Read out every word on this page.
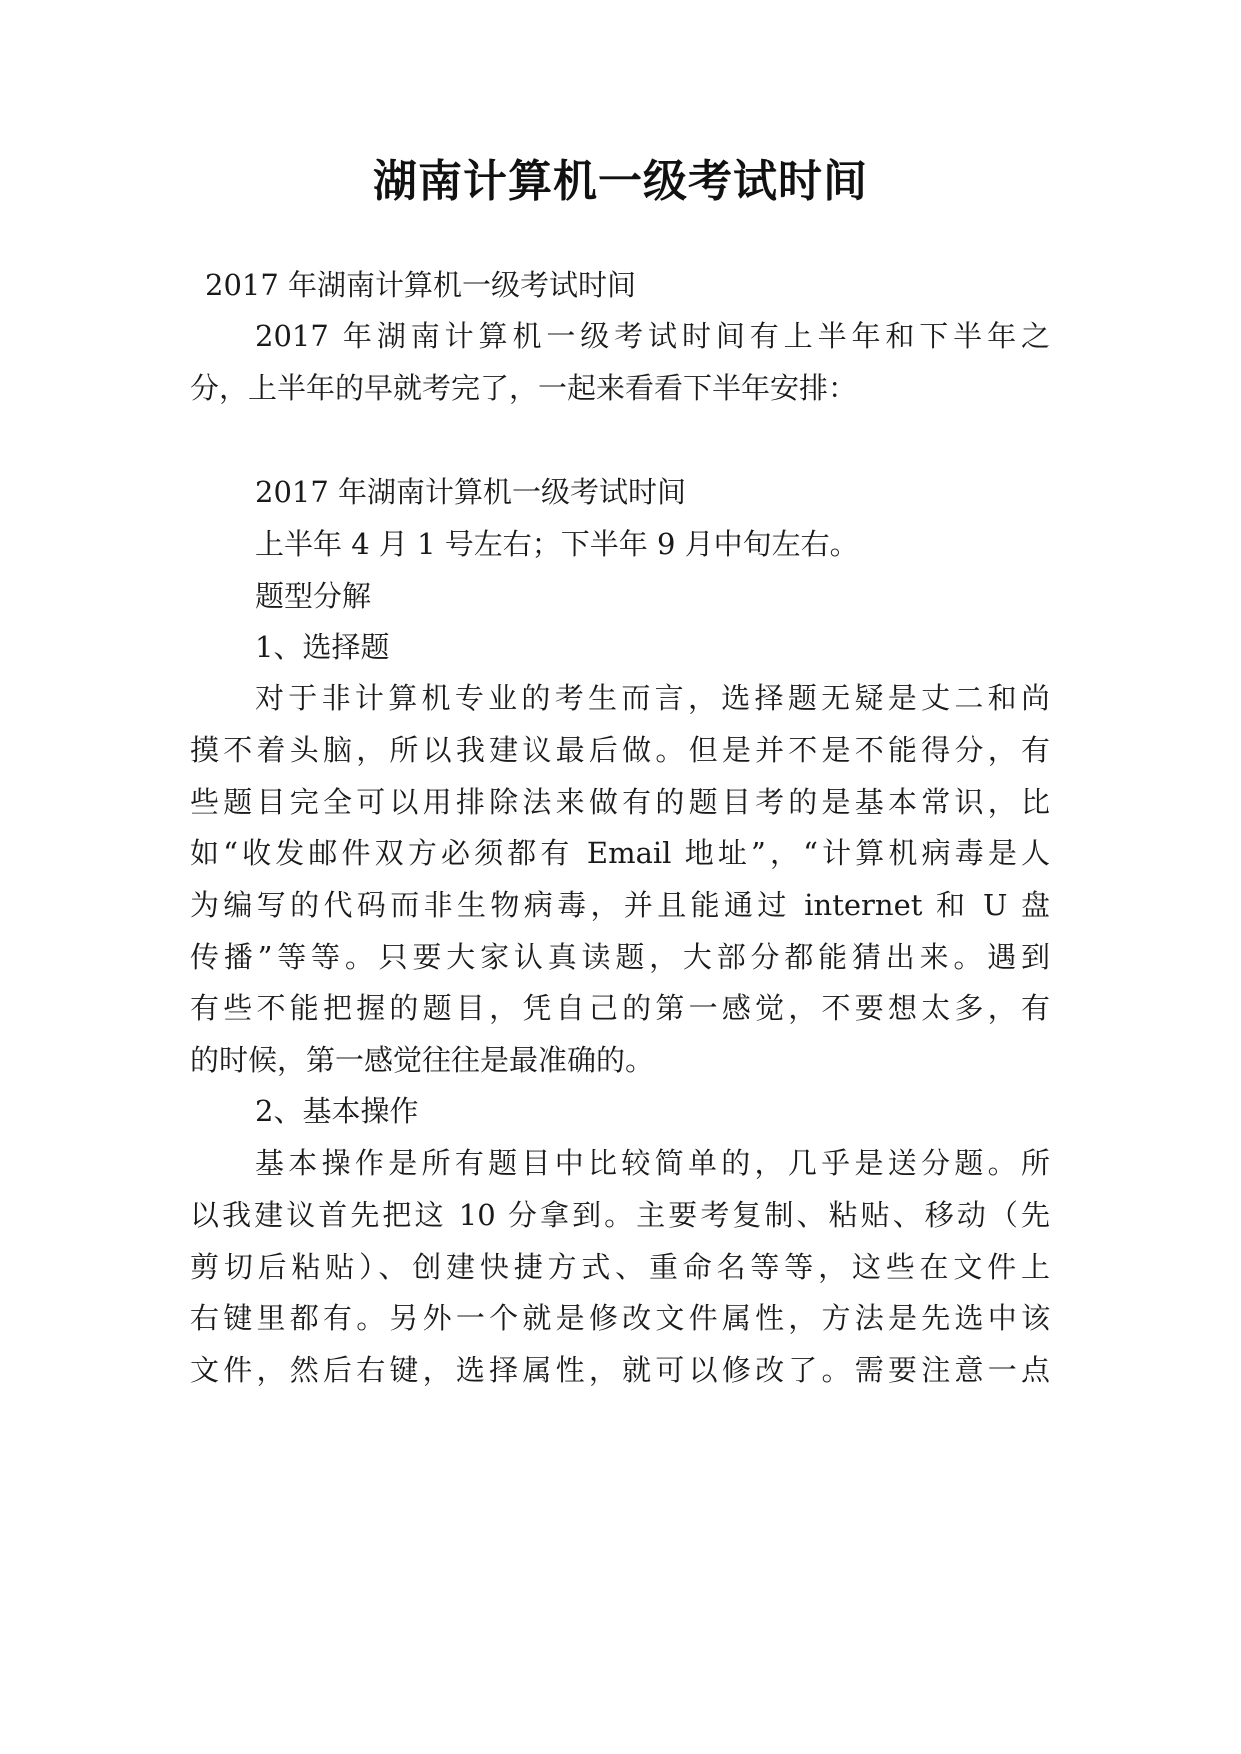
湖南计算机一级考试时间
2017 年湖南计算机一级考试时间
2017 年湖南计算机一级考试时间有上半年和下半年之
分，上半年的早就考完了，一起来看看下半年安排：
2017 年湖南计算机一级考试时间
上半年 4 月 1 号左右；下半年 9 月中旬左右。
题型分解
1、选择题
对于非计算机专业的考生而言，选择题无疑是丈二和尚
摸不着头脑，所以我建议最后做。但是并不是不能得分，有
些题目完全可以用排除法来做有的题目考的是基本常识，比
如“收发邮件双方必须都有 Email 地址”，“计算机病毒是人
为编写的代码而非生物病毒，并且能通过 internet 和 U 盘
传播”等等。只要大家认真读题，大部分都能猜出来。遇到
有些不能把握的题目，凭自己的第一感觉，不要想太多，有
的时候，第一感觉往往是最准确的。
2、基本操作
基本操作是所有题目中比较简单的，几乎是送分题。所
以我建议首先把这 10 分拿到。主要考复制、粘贴、移动（先
剪切后粘贴）、创建快捷方式、重命名等等，这些在文件上
右键里都有。另外一个就是修改文件属性，方法是先选中该
文件，然后右键，选择属性，就可以修改了。需要注意一点
